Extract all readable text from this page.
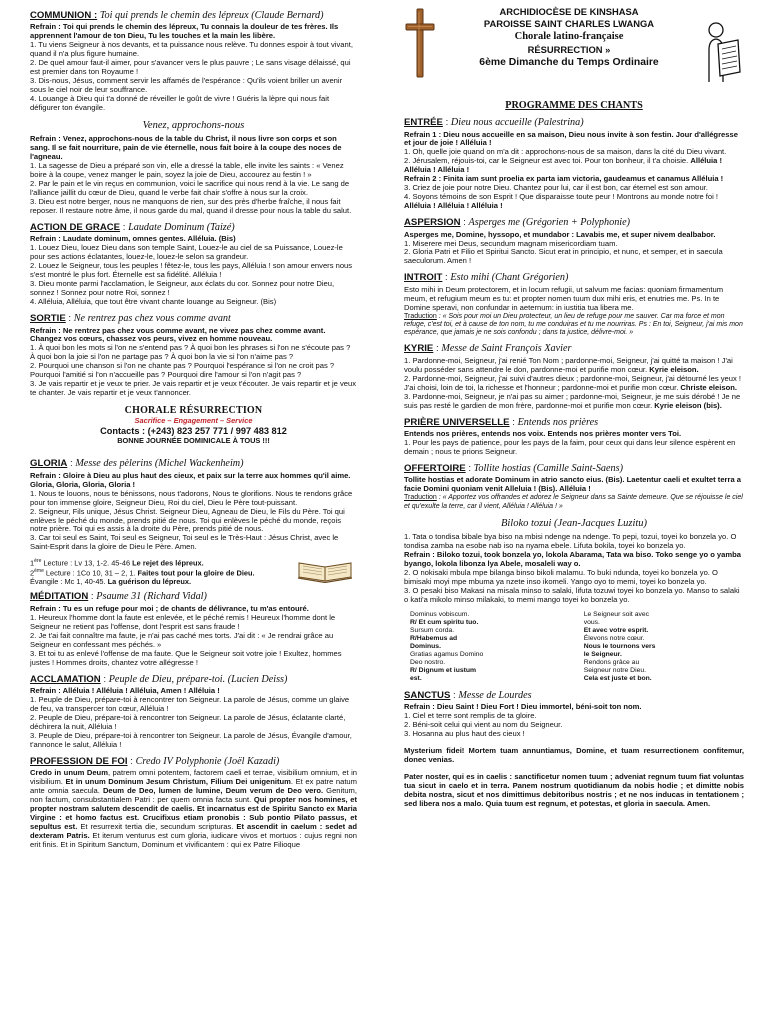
COMMUNION : Toi qui prends le chemin des lépreux (Claude Bernard)
Refrain : Toi qui prends le chemin des lépreux, Tu connais la douleur de tes frères. Ils apprennent l'amour de ton Dieu, Tu les touches et la main les libère.
1. Tu viens Seigneur à nos devants, et ta puissance nous relève. Tu donnes espoir à tout vivant, quand il n'a plus figure humaine.
2. De quel amour faut-il aimer, pour s'avancer vers le plus pauvre ; Le sans visage délaissé, qui est premier dans ton Royaume !
3. Dis-nous, Jésus, comment servir les affamés de l'espérance : Qu'ils voient briller un avenir sous le ciel noir de leur souffrance.
4. Louange à Dieu qui t'a donné de réveiller le goût de vivre ! Guéris la lèpre qui nous fait défigurer ton évangile.
Venez, approchons-nous
Refrain : Venez, approchons-nous de la table du Christ, il nous livre son corps et son sang. Il se fait nourriture, pain de vie éternelle, nous fait boire à la coupe des noces de l'agneau.
1. La sagesse de Dieu a préparé son vin, elle a dressé la table, elle invite les saints : « Venez boire à la coupe, venez manger le pain, soyez la joie de Dieu, accourez au festin ! »
2. Par le pain et le vin reçus en communion, voici le sacrifice qui nous rend à la vie. Le sang de l'alliance jaillit du cœur de Dieu, quand le verbe fait chair s'offre à nous sur la croix.
3. Dieu est notre berger, nous ne manquons de rien, sur des près d'herbe fraîche, il nous fait reposer. Il restaure notre âme, il nous garde du mal, quand il dresse pour nous la table du salut.
ACTION DE GRACE : Laudate Dominum (Taizé)
Refrain : Laudate dominum, omnes gentes. Alléluia. (Bis)
1. Louez Dieu, louez Dieu dans son temple Saint, Louez-le au ciel de sa Puissance, Louez-le pour ses actions éclatantes, louez-le, louez-le selon sa grandeur.
2. Louez le Seigneur, tous les peuples ! fêtez-le, tous les pays, Alléluia ! son amour envers nous s'est montré le plus fort. Éternelle est sa fidélité. Alléluia !
3. Dieu monte parmi l'acclamation, le Seigneur, aux éclats du cor. Sonnez pour notre Dieu, sonnez ! Sonnez pour notre Roi, sonnez !
4. Alléluia, Alléluia, que tout être vivant chante louange au Seigneur. (Bis)
SORTIE : Ne rentrez pas chez vous comme avant
Refrain : Ne rentrez pas chez vous comme avant, ne vivez pas chez comme avant. Changez vos cœurs, chassez vos peurs, vivez en homme nouveau.
1. À quoi bon les mots si l'on ne s'entend pas ? À quoi bon les phrases si l'on ne s'écoute pas ? À quoi bon la joie si l'on ne partage pas ? À quoi bon la vie si l'on n'aime pas ?
2. Pourquoi une chanson si l'on ne chante pas ? Pourquoi l'espérance si l'on ne croit pas ? Pourquoi l'amitié si l'on n'accueille pas ? Pourquoi dire l'amour si l'on n'agit pas ?
3. Je vais repartir et je veux te prier. Je vais repartir et je veux t'écouter. Je vais repartir et je veux te chanter. Je vais repartir et je veux t'annoncer.
CHORALE RÉSURRECTION
Sacrifice – Engagement – Service
Contacts : (+243) 823 257 771 / 997 483 812
BONNE JOURNÉE DOMINICALE À TOUS !!!
GLORIA : Messe des pèlerins (Michel Wackenheim)
Refrain : Gloire à Dieu au plus haut des cieux, et paix sur la terre aux hommes qu'il aime. Gloria, Gloria, Gloria, Gloria !
1. Nous te louons, nous te bénissons, nous t'adorons, Nous te glorifions. Nous te rendons grâce pour ton immense gloire, Seigneur Dieu, Roi du ciel, Dieu le Père tout-puissant.
2. Seigneur, Fils unique, Jésus Christ. Seigneur Dieu, Agneau de Dieu, le Fils du Père. Toi qui enlèves le péché du monde, prends pitié de nous. Toi qui enlèves le péché du monde, reçois notre prière. Toi qui es assis à la droite du Père, prends pitié de nous.
3. Car toi seul es Saint, Toi seul es Seigneur, Toi seul es le Très-Haut : Jésus Christ, avec le Saint-Esprit dans la gloire de Dieu le Père. Amen.
1ère Lecture : Lv 13, 1-2. 45-46 Le rejet des lépreux.
2ème Lecture : 1Co 10, 31 – 2, 1. Faites tout pour la gloire de Dieu.
Évangile : Mc 1, 40-45. La guérison du lépreux.
MÉDITATION : Psaume 31 (Richard Vidal)
Refrain : Tu es un refuge pour moi ; de chants de délivrance, tu m'as entouré.
1. Heureux l'homme dont la faute est enlevée, et le péché remis ! Heureux l'homme dont le Seigneur ne retient pas l'offense, dont l'esprit est sans fraude !
2. Je t'ai fait connaître ma faute, je n'ai pas caché mes torts. J'ai dit : « Je rendrai grâce au Seigneur en confessant mes péchés. »
3. Et toi tu as enlevé l'offense de ma faute. Que le Seigneur soit votre joie ! Exultez, hommes justes ! Hommes droits, chantez votre allégresse !
ACCLAMATION : Peuple de Dieu, prépare-toi. (Lucien Deiss)
Refrain : Alléluia ! Alléluia ! Alléluia, Amen ! Alléluia !
1. Peuple de Dieu, prépare-toi à rencontrer ton Seigneur. La parole de Jésus, comme un glaive de feu, va transpercer ton cœur, Alléluia !
2. Peuple de Dieu, prépare-toi à rencontrer ton Seigneur. La parole de Jésus, éclatante clarté, déchirera la nuit, Alléluia !
3. Peuple de Dieu, prépare-toi à rencontrer ton Seigneur. La parole de Jésus, Évangile d'amour, t'annonce le salut, Alléluia !
PROFESSION DE FOI : Credo IV Polyphonie (Joël Kazadi)
Credo in unum Deum, patrem omni potentem, factorem caeli et terrae, visibilium omnium, et in visibilium. Et in unum Dominum Jesum Christum, Filium Dei unigenitum. Et ex patre natum ante omnia saecula. Deum de Deo, lumen de lumine, Deum verum de Deo vero. Genitum, non factum, consubstantialem Patri : per quem omnia facta sunt. Qui propter nos homines, et propter nostram salutem descendit de caelis. Et incarnatus est de Spiritu Sancto ex Maria Virgine : et homo factus est. Crucifixus etiam pronobis : Sub pontio Pilato passus, et sepultus est. Et resurrexit tertia die, secundum scripturas. Et ascendit in caelum : sedet ad dexteram Patris. Et iterum venturus est cum gloria, iudicare vivos et mortuos : cujus regni non erit finis. Et in Spiritum Sanctum, Dominum et vivificantem : qui ex Patre Filioque
ARCHIDIOCÈSE DE KINSHASA
PAROISSE SAINT CHARLES LWANGA
Chorale latino-française
RÉSURRECTION »
6ème Dimanche du Temps Ordinaire
PROGRAMME DES CHANTS
ENTRÉE : Dieu nous accueille (Palestrina)
Refrain 1 : Dieu nous accueille en sa maison, Dieu nous invite à son festin. Jour d'allégresse et jour de joie ! Alléluia !
1. Oh, quelle joie quand on m'a dit : approchons-nous de sa maison, dans la cité du Dieu vivant.
2. Jérusalem, réjouis-toi, car le Seigneur est avec toi. Pour ton bonheur, il t'a choisie. Alléluia ! Alléluia ! Alléluia !
Refrain 2 : Finita iam sunt proelia ex parta iam victoria, gaudeamus et canamus Alléluia !
3. Criez de joie pour notre Dieu. Chantez pour lui, car il est bon, car éternel est son amour.
4. Soyons témoins de son Esprit ! Que disparaisse toute peur ! Montrons au monde notre foi ! Alléluia ! Alléluia ! Alléluia !
ASPERSION : Asperges me (Grégorien + Polyphonie)
Asperges me, Domine, hyssopo, et mundabor : Lavabis me, et super nivem dealbabor.
1. Miserere mei Deus, secundum magnam misericordiam tuam.
2. Gloria Patri et Filio et Spiritui Sancto. Sicut erat in principio, et nunc, et semper, et in saecula saeculorum. Amen !
INTROIT : Esto mihi (Chant Grégorien)
Esto mihi in Deum protectorem, et in locum refugii, ut salvum me facias: quoniam firmamentum meum, et refugium meum es tu: et propter nomen tuum dux mihi eris, et enutries me. Ps. In te Domine speravi, non confundar in aeternum: in iustitia tua libera me.
Traduction : « Sois pour moi un Dieu protecteur, un lieu de refuge pour me sauver. Car ma force et mon refuge, c'est toi, et à cause de ton nom, tu me conduiras et tu me nourriras. Ps : En toi, Seigneur, j'ai mis mon espérance, que jamais je ne sois confondu ; dans ta justice, délivre-moi. »
KYRIE : Messe de Saint François Xavier
1. Pardonne-moi, Seigneur, j'ai renié Ton Nom ; pardonne-moi, Seigneur, j'ai quitté ta maison ! J'ai voulu posséder sans attendre le don, pardonne-moi et purifie mon cœur. Kyrie eleison.
2. Pardonne-moi, Seigneur, j'ai suivi d'autres dieux ; pardonne-moi, Seigneur, j'ai détourné les yeux ! J'ai choisi, loin de toi, la richesse et l'honneur ; pardonne-moi et purifie mon cœur. Christe eleison.
3. Pardonne-moi, Seigneur, je n'ai pas su aimer ; pardonne-moi, Seigneur, je me suis dérobé ! Je ne suis pas resté le gardien de mon frère, pardonne-moi et purifie mon cœur. Kyrie eleison (bis).
PRIÈRE UNIVERSELLE : Entends nos prières
Entends nos prières, entends nos voix. Entends nos prières monter vers Toi.
1. Pour les pays de patience, pour les pays de la faim, pour ceux qui dans leur silence espèrent en demain ; nous te prions Seigneur.
OFFERTOIRE : Tollite hostias (Camille Saint-Saens)
Tollite hostias et adorate Dominum in atrio sancto eius. (Bis). Laetentur caeli et exultet terra a facie Domini quoniam venit Alleluia ! (Bis). Alléluia !
Traduction : « Apportez vos offrandes et adorez le Seigneur dans sa Sainte demeure. Que se réjouisse le ciel et qu'exulte la terre, car il vient, Alléluia ! Alléluia ! »
Biloko tozui (Jean-Jacques Luzitu)
1. Tata o tondisa bibale bya biso na mbisi ndenge na ndenge. To pepi, tozui, toyei ko bonzela yo. O tondisa zamba na esobe nab iso na nyama ebele. Lifuta bokila, toyei ko bonzela yo.
Refrain : Biloko tozui, took bonzela yo, lokola Abarama, Tata wa biso. Toko senge yo o yamba byango, lokola libonza lya Abele, mosaleli way o.
2. O nokisaki mbula mpe bilanga binso bikoli malamu. To buki ndunda, toyei ko bonzela yo. O bimisaki moyi mpe mbuma ya nzete inso ikomeli. Yango oyo to memi, toyei ko bonzela yo.
3. O pesaki biso Makasi na misala minso to salaki, lifuta tozuwi toyei ko bonzela yo. Manso to salaki o kati'a mikolo minso milakaki, to memi mango toyei ko bonzela yo.
Dominus vobiscum.
R/ Et cum spiritu tuo.
Sursum corda.
R/Habemus ad Dominus.
Gratias agamus Domino Deo nostro.
R/ Dignum et iustum est.
Le Seigneur soit avec vous.
Et avec votre esprit.
Élevons notre cœur.
Nous le tournons vers le Seigneur.
Rendons grâce au Seigneur notre Dieu.
Cela est juste et bon.
SANCTUS : Messe de Lourdes
Refrain : Dieu Saint ! Dieu Fort ! Dieu immortel, béni-soit ton nom.
1. Ciel et terre sont remplis de ta gloire.
2. Béni-soit celui qui vient au nom du Seigneur.
3. Hosanna au plus haut des cieux !
Mysterium fidei! Mortem tuam annuntiamus, Domine, et tuam resurrectionem confitemur, donec venias.
Pater noster, qui es in caelis : sanctificetur nomen tuum ; adveniat regnum tuum fiat voluntas tua sicut in caelo et in terra. Panem nostrum quotidianum da nobis hodie ; et dimitte nobis debita nostra, sicut et nos dimittimus debitoribus nostris ; et ne nos inducas in tentationem ; sed libera nos a malo. Quia tuum est regnum, et potestas, et gloria in saecula. Amen.
